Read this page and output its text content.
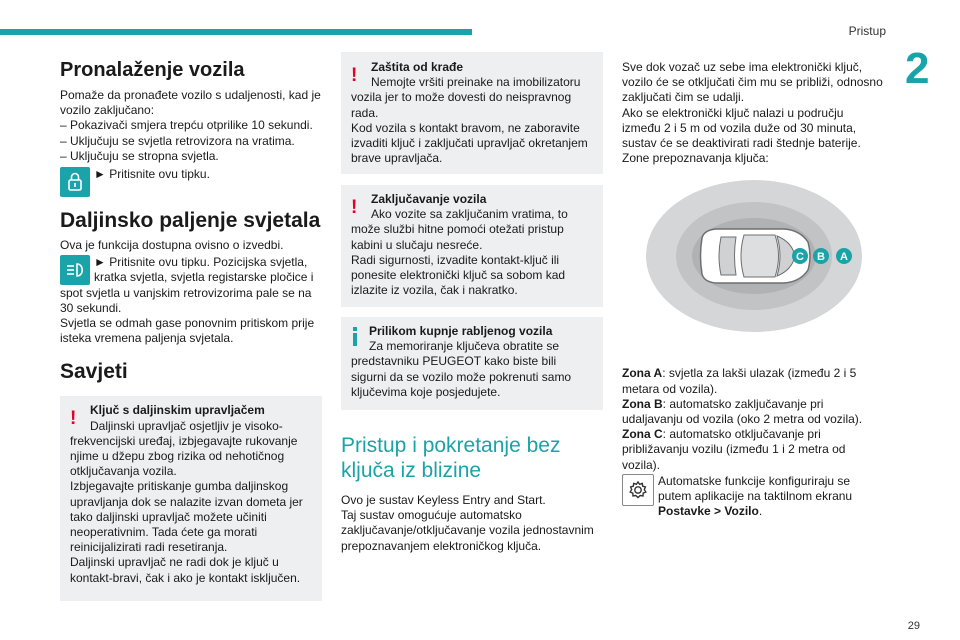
Pristup
2
Pronalaženje vozila

Pomaže da pronađete vozilo s udaljenosti, kad je vozilo zaključano:

– Pokazivači smjera trepću otprilike 10 sekundi.

– Uključuju se svjetla retrovizora na vratima.

– Uključuju se stropna svjetla.

► Pritisnite ovu tipku.

Daljinsko paljenje svjetala

Ova je funkcija dostupna ovisno o izvedbi.

► Pritisnite ovu tipku. Pozicijska svjetla, kratka svjetla, svjetla registarske pločice i spot svjetla u vanjskim retrovizorima pale se na 30 sekundi.

Svjetla se odmah gase ponovnim pritiskom prije isteka vremena paljenja svjetala.

Savjeti
!	Ključ s daljinskim upravljačem

Daljinski upravljač osjetljiv je visoko-frekvencijski uređaj, izbjegavajte rukovanje njime u džepu zbog rizika od nehotičnog otključavanja vozila.

Izbjegavajte pritiskanje gumba daljinskog upravljanja dok se nalazite izvan dometa jer tako daljinski upravljač možete učiniti neoperativnim. Tada ćete ga morati reinicijalizirati radi resetiranja.

Daljinski upravljač ne radi dok je ključ u kontakt-bravi, čak i ako je kontakt isključen.

!	Zaštita od krađe

Nemojte vršiti preinake na imobilizatoru vozila jer to može dovesti do neispravnog rada.

Kod vozila s kontakt bravom, ne zaboravite izvaditi ključ i zaključati upravljač okretanjem brave upravljača.

!	Zaključavanje vozila

Ako vozite sa zaključanim vratima, to može službi hitne pomoći otežati pristup kabini u slučaju nesreće.

Radi sigurnosti, izvadite kontakt-ključ ili ponesite elektronički ključ sa sobom kad izlazite iz vozila, čak i nakratko.

Prilikom kupnje rabljenog vozila

Za memoriranje ključeva obratite se predstavniku PEUGEOT kako biste bili sigurni da se vozilo može pokrenuti samo ključevima koje posjedujete.

Pristup i pokretanje bez ključa iz blizine

Ovo je sustav Keyless Entry and Start.

Taj sustav omogućuje automatsko zaključavanje/otključavanje vozila jednostavnim prepoznavanjem elektroničkog ključa.

Sve dok vozač uz sebe ima elektronički ključ, vozilo će se otključati čim mu se približi, odnosno zaključati čim se udalji.

Ako se elektronički ključ nalazi u području između 2 i 5 m od vozila duže od 30 minuta, sustav će se deaktivirati radi štednje baterije.

Zone prepoznavanja ključa:

C B A

Zona A: svjetla za lakši ulazak (između 2 i 5 metara od vozila).

Zona B: automatsko zaključavanje pri udaljavanju od vozila (oko 2 metra od vozila).

Zona C: automatsko otključavanje pri približavanju vozilu (između 1 i 2 metra od vozila).

Automatske funkcije konfiguriraju se putem aplikacije na taktilnom ekranu

Postavke > Vozilo.

29
